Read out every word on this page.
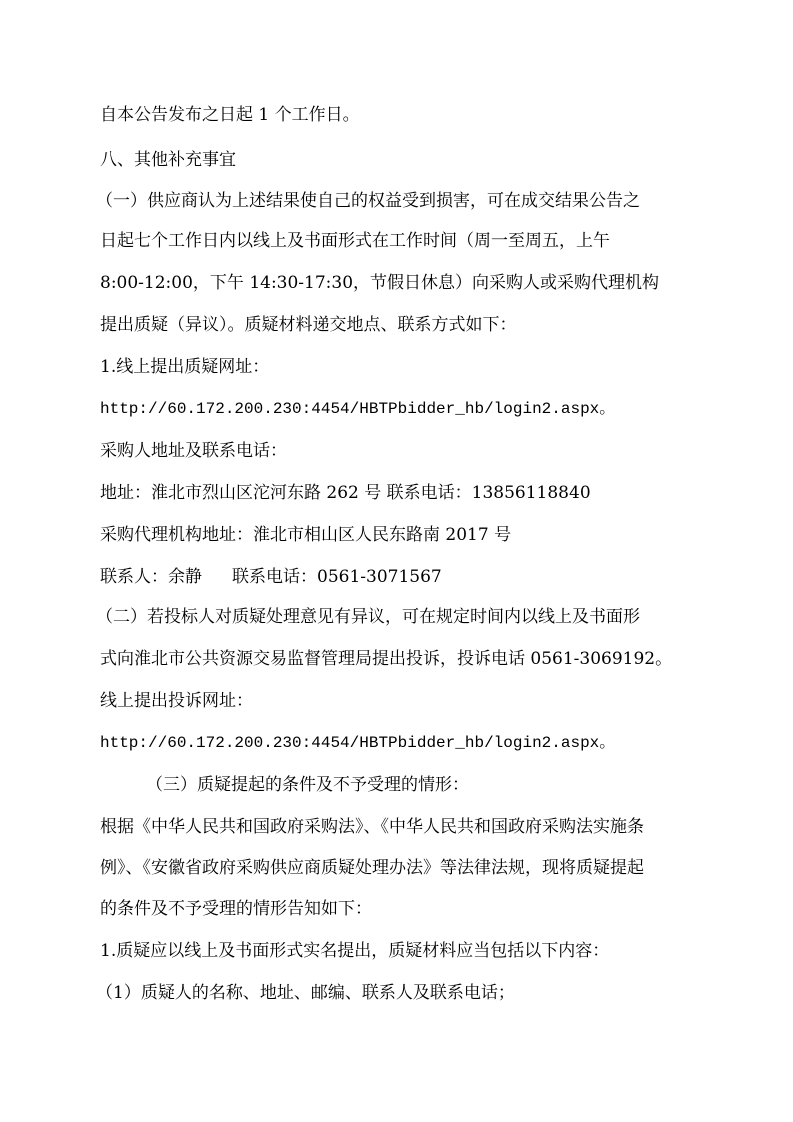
自本公告发布之日起 1 个工作日。

八、其他补充事宜

（一）供应商认为上述结果使自己的权益受到损害，可在成交结果公告之

日起七个工作日内以线上及书面形式在工作时间（周一至周五，上午

8:00-12:00，下午 14:30-17:30，节假日休息）向采购人或采购代理机构

提出质疑（异议）。质疑材料递交地点、联系方式如下：

1.线上提出质疑网址：

http://60.172.200.230:4454/HBTPbidder_hb/login2.aspx。

采购人地址及联系电话：

地址：淮北市烈山区沱河东路 262 号 联系电话：13856118840

采购代理机构地址：淮北市相山区人民东路南 2017 号

联系人：余静 联系电话：0561-3071567

（二）若投标人对质疑处理意见有异议，可在规定时间内以线上及书面形

式向淮北市公共资源交易监督管理局提出投诉，投诉电话 0561-3069192。

线上提出投诉网址：

http://60.172.200.230:4454/HBTPbidder_hb/login2.aspx。

（三）质疑提起的条件及不予受理的情形：

根据《中华人民共和国政府采购法》、《中华人民共和国政府采购法实施条

例》、《安徽省政府采购供应商质疑处理办法》等法律法规，现将质疑提起

的条件及不予受理的情形告知如下：

1.质疑应以线上及书面形式实名提出，质疑材料应当包括以下内容：

（1）质疑人的名称、地址、邮编、联系人及联系电话；
